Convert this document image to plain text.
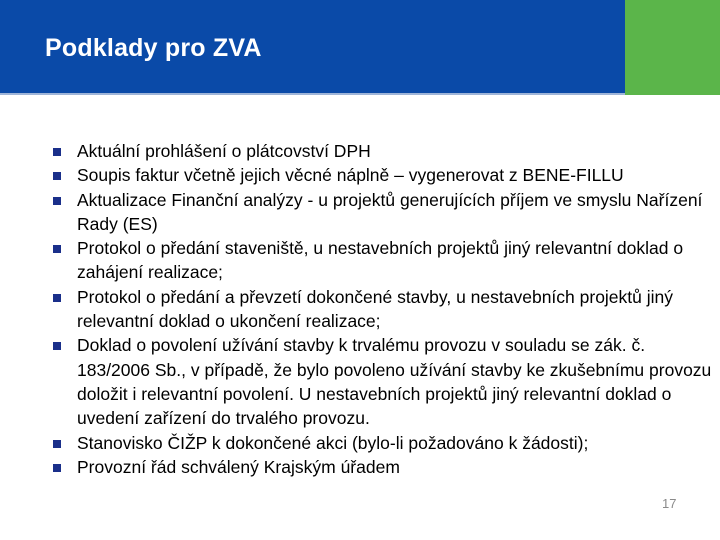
Podklady pro ZVA
Aktuální prohlášení o plátcovství DPH
Soupis faktur včetně jejich věcné náplně – vygenerovat z BENE-FILLU
Aktualizace Finanční analýzy - u projektů generujících příjem ve smyslu Nařízení Rady (ES)
Protokol o předání staveniště, u nestavebních projektů jiný relevantní doklad o zahájení realizace;
Protokol o předání a převzetí dokončené stavby, u nestavebních projektů jiný relevantní doklad o ukončení realizace;
Doklad o povolení užívání stavby k trvalému provozu v souladu se zák. č. 183/2006 Sb., v případě, že bylo povoleno užívání stavby ke zkušebnímu provozu doložit i relevantní povolení. U nestavebních projektů jiný relevantní doklad o uvedení zařízení do trvalého provozu.
Stanovisko ČIŽP k dokončené akci (bylo-li požadováno k žádosti);
Provozní řád schválený Krajským úřadem
17
